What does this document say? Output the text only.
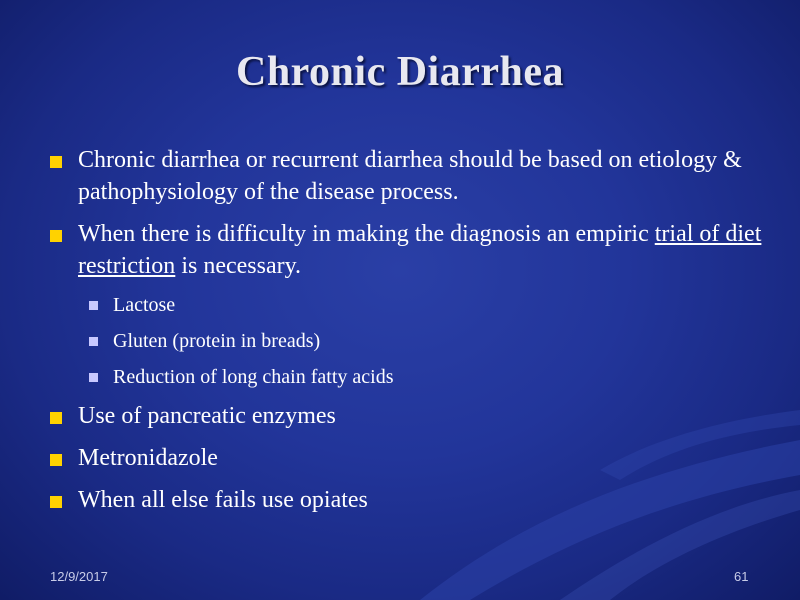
Chronic Diarrhea
Chronic diarrhea or recurrent diarrhea should be based on etiology & pathophysiology of the disease process.
When there is difficulty in making the diagnosis an empiric trial of diet restriction is necessary.
Lactose
Gluten (protein in breads)
Reduction of long chain fatty acids
Use of pancreatic enzymes
Metronidazole
When all else fails use opiates
12/9/2017	61
